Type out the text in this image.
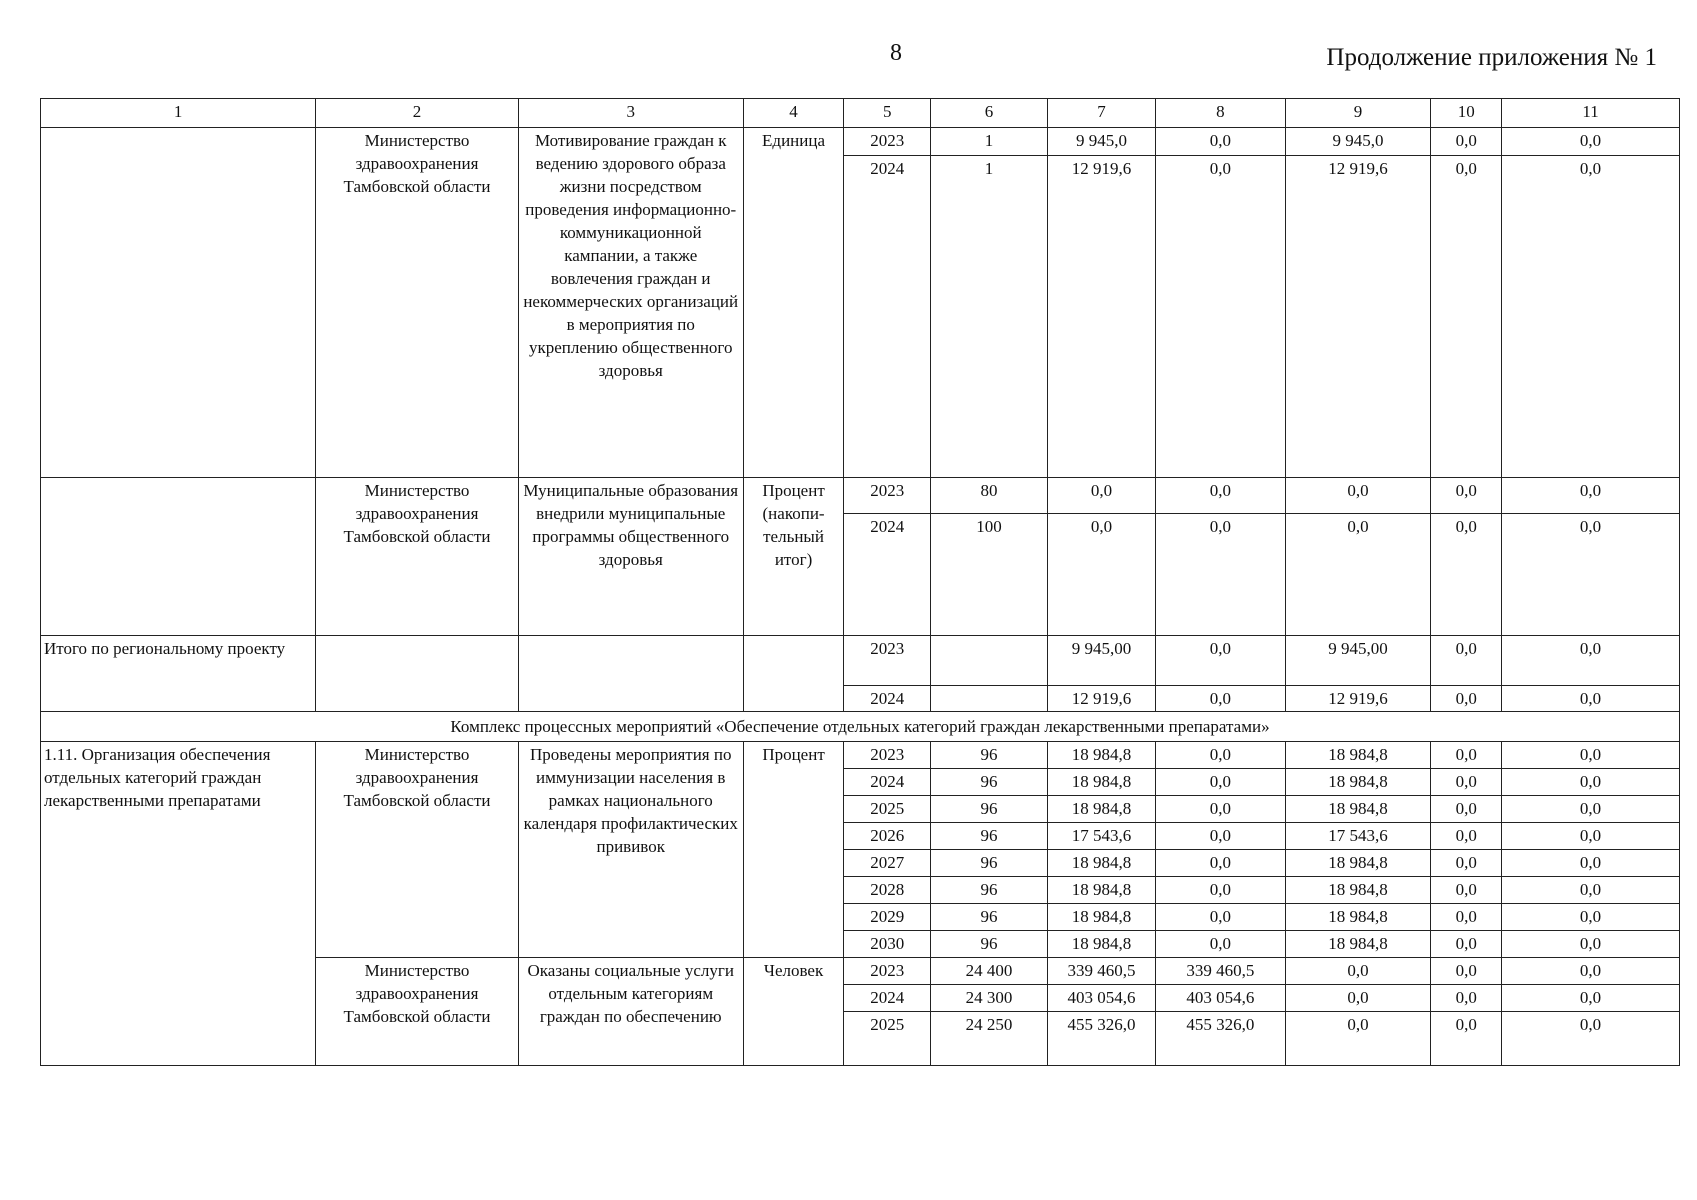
8	Продолжение приложения № 1
1	2	3	4	5	6	7	8	9	10	11
	Министерство здравоохранения Тамбовской области	Мотивирование граждан к ведению здорового образа жизни посредством проведения информационно-коммуникационной кампании, а также вовлечения граждан и некоммерческих организаций в мероприятия по укреплению общественного здоровья	Единица	2023	1	9 945,0	0,0	9 945,0	0,0	0,0
				2024	1	12 919,6	0,0	12 919,6	0,0	0,0
	Министерство здравоохранения Тамбовской области	Муниципальные образования внедрили муниципальные программы общественного здоровья	Процент (накопи-тельный итог)	2023	80	0,0	0,0	0,0	0,0	0,0
				2024	100	0,0	0,0	0,0	0,0	0,0
Итого по региональному проекту				2023		9 945,00	0,0	9 945,00	0,0	0,0
				2024		12 919,6	0,0	12 919,6	0,0	0,0
Комплекс процессных мероприятий «Обеспечение отдельных категорий граждан лекарственными препаратами»										
1.11. Организация обеспечения отдельных категорий граждан лекарственными препаратами	Министерство здравоохранения Тамбовской области	Проведены мероприятия по иммунизации населения в рамках национального календаря профилактических прививок	Процент	2023	96	18 984,8	0,0	18 984,8	0,0	0,0
				2024	96	18 984,8	0,0	18 984,8	0,0	0,0
				2025	96	18 984,8	0,0	18 984,8	0,0	0,0
				2026	96	17 543,6	0,0	17 543,6	0,0	0,0
				2027	96	18 984,8	0,0	18 984,8	0,0	0,0
				2028	96	18 984,8	0,0	18 984,8	0,0	0,0
				2029	96	18 984,8	0,0	18 984,8	0,0	0,0
				2030	96	18 984,8	0,0	18 984,8	0,0	0,0
	Министерство здравоохранения Тамбовской области	Оказаны социальные услуги отдельным категориям граждан по обеспечению	Человек	2023	24 400	339 460,5	339 460,5	0,0	0,0	0,0
				2024	24 300	403 054,6	403 054,6	0,0	0,0	0,0
				2025	24 250	455 326,0	455 326,0	0,0	0,0	0,0
